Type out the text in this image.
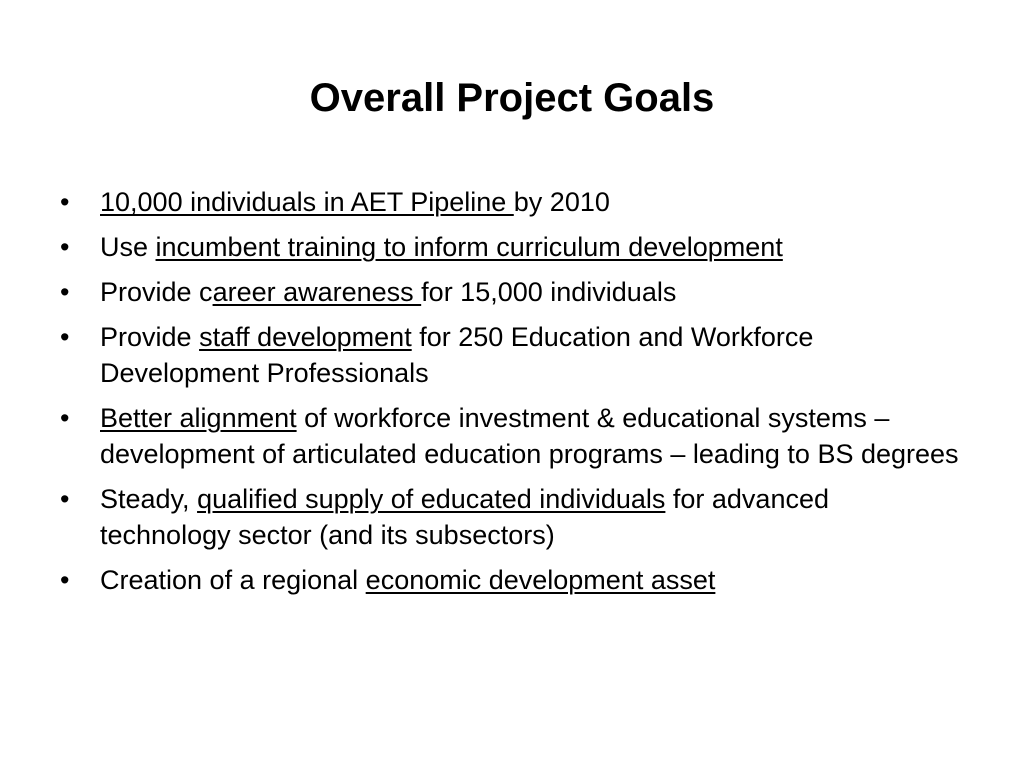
Overall Project Goals
•	10,000 individuals in AET Pipeline by 2010
•	Use incumbent training to inform curriculum development
•	Provide career awareness for 15,000 individuals
•	Provide staff development for 250 Education and Workforce Development Professionals
•	Better alignment of workforce investment & educational systems – development of articulated education programs – leading to BS degrees
•	Steady, qualified supply of educated individuals for advanced technology sector (and its subsectors)
•	Creation of a regional economic development asset
